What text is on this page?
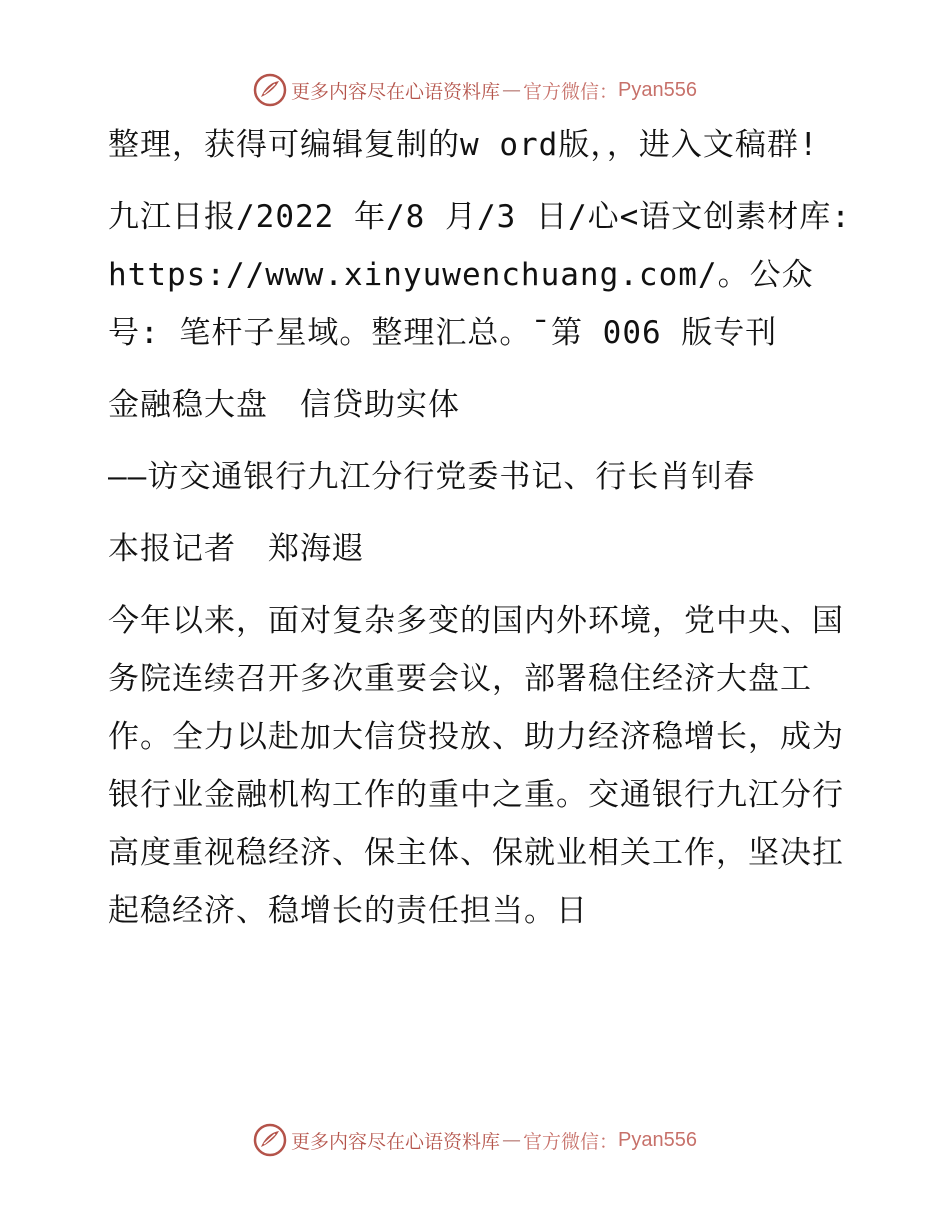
更多内容尽在心语资料库 — 官方微信： Pyan556

整理，获得可编辑复制的w ord版，，进入文稿群!

九江日报/2022 年/8 月/3 日/心<语文创素材库: https://www.xinyuwenchuang.com/。公众号: 笔杆子星域。整理汇总。¯第 006 版专刊

金融稳大盘　信贷助实体

——访交通银行九江分行党委书记、行长肖钊春

本报记者　郑海遐

今年以来，面对复杂多变的国内外环境，党中央、国务院连续召开多次重要会议，部署稳住经济大盘工作。全力以赴加大信贷投放、助力经济稳增长，成为银行业金融机构工作的重中之重。交通银行九江分行高度重视稳经济、保主体、保就业相关工作，坚决扛起稳经济、稳增长的责任担当。日

更多内容尽在心语资料库 — 官方微信： Pyan556
